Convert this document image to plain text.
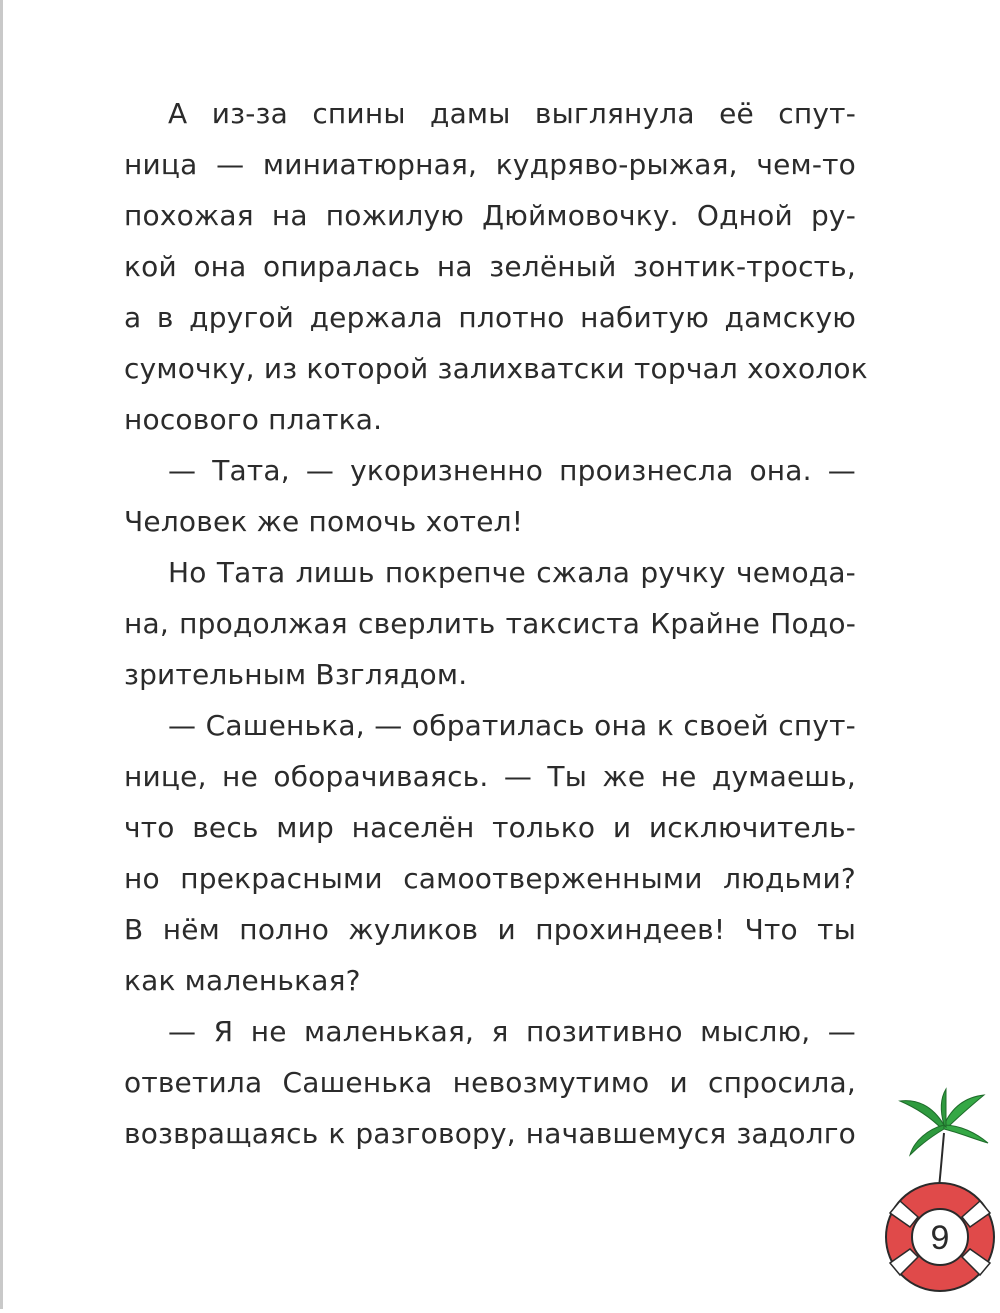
А из-за спины дамы выглянула её спут-
ница — миниатюрная, кудряво-рыжая, чем-то
похожая на пожилую Дюймовочку. Одной ру-
кой она опиралась на зелёный зонтик-трость,
а в другой держала плотно набитую дамскую
сумочку, из которой залихватски торчал хохолок
носового платка.
— Тата, — укоризненно произнесла она. —
Человек же помочь хотел!
Но Тата лишь покрепче сжала ручку чемода-
на, продолжая сверлить таксиста Крайне Подо-
зрительным Взглядом.
— Сашенька, — обратилась она к своей спут-
нице, не оборачиваясь. — Ты же не думаешь,
что весь мир населён только и исключитель-
но прекрасными самоотверженными людьми?
В нём полно жуликов и прохиндеев! Что ты
как маленькая?
— Я не маленькая, я позитивно мыслю, —
ответила Сашенька невозмутимо и спросила,
возвращаясь к разговору, начавшемуся задолго
9
